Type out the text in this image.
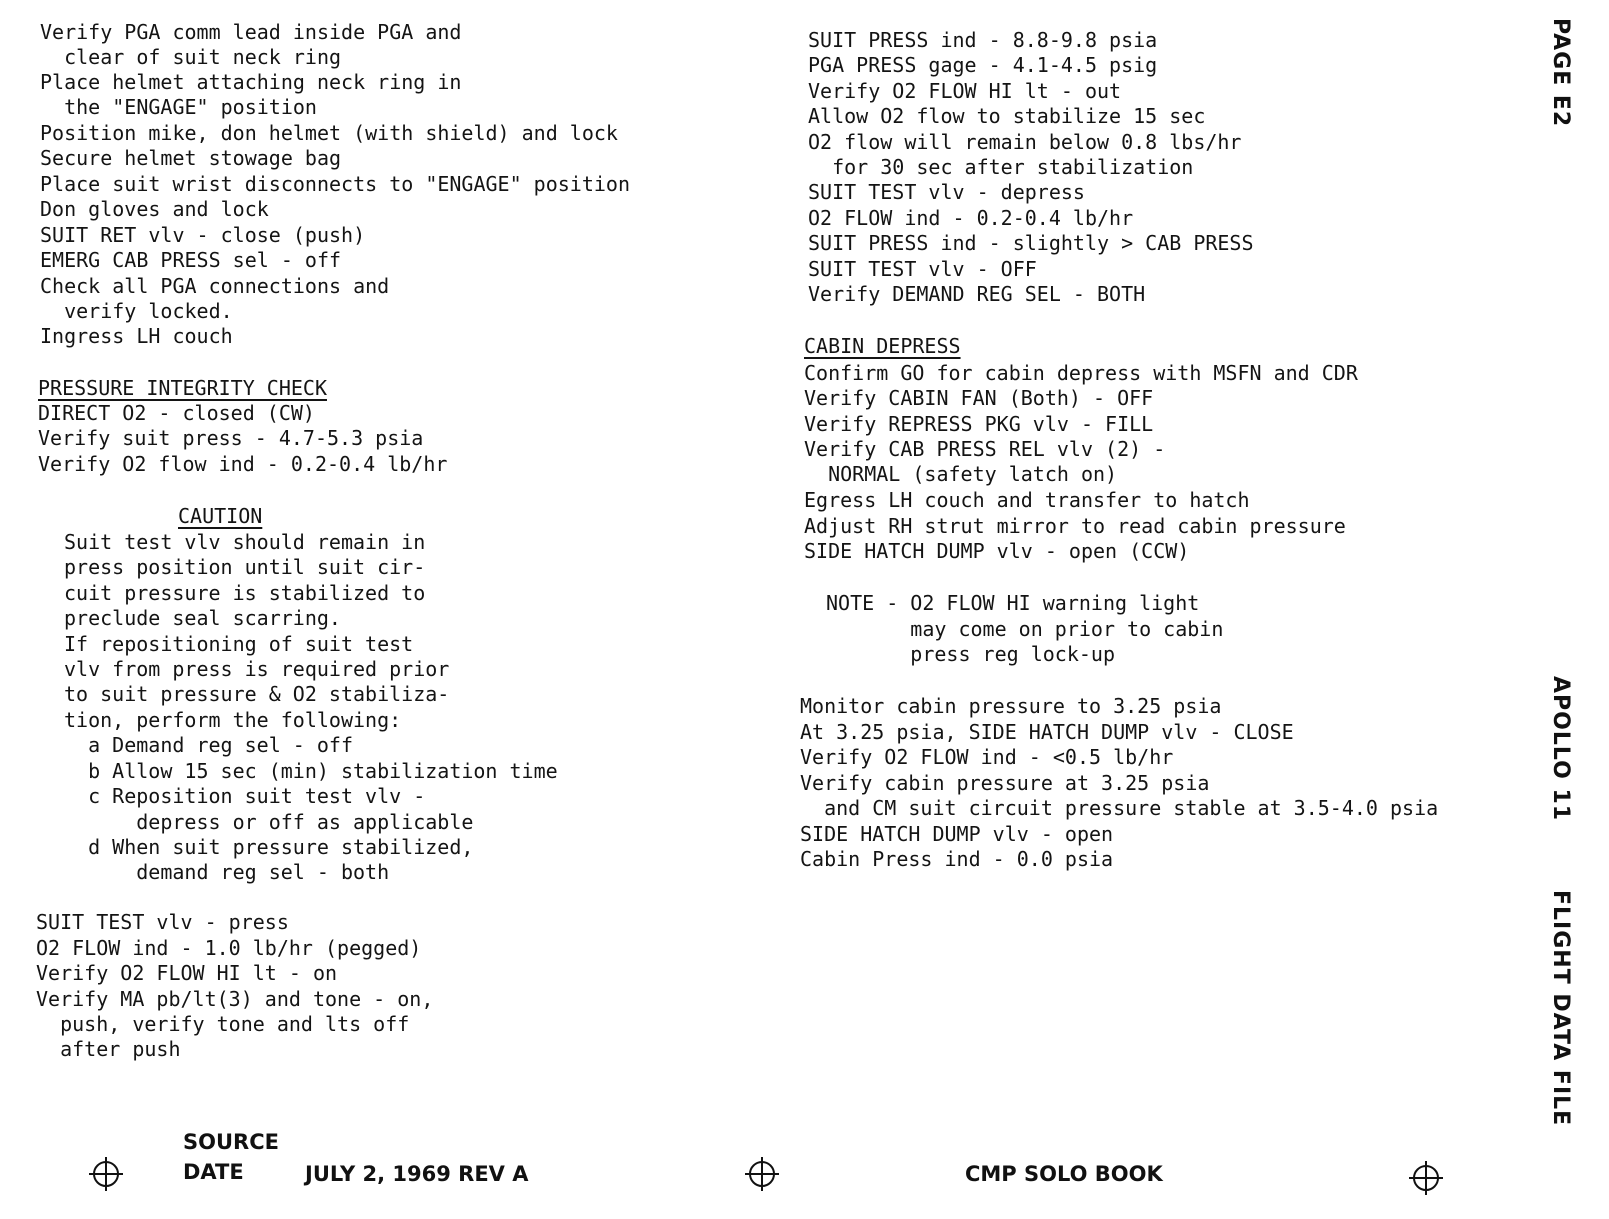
Verify PGA comm lead inside PGA and
clear of suit neck ring
Place helmet attaching neck ring in
the "ENGAGE" position
Position mike, don helmet (with shield) and lock
Secure helmet stowage bag
Place suit wrist disconnects to "ENGAGE" position
Don gloves and lock
SUIT RET vlv - close (push)
EMERG CAB PRESS sel - off
Check all PGA connections and
verify locked.
Ingress LH couch
PRESSURE INTEGRITY CHECK
DIRECT O2 - closed (CW)
Verify suit press - 4.7-5.3 psia
Verify O2 flow ind - 0.2-0.4 lb/hr
CAUTION
Suit test vlv should remain in
press position until suit cir-
cuit pressure is stabilized to
preclude seal scarring.
If repositioning of suit test
vlv from press is required prior
to suit pressure & O2 stabiliza-
tion, perform the following:
a Demand reg sel - off
b Allow 15 sec (min) stabilization time
c Reposition suit test vlv -
depress or off as applicable
d When suit pressure stabilized,
demand reg sel - both
SUIT TEST vlv - press
O2 FLOW ind - 1.0 lb/hr (pegged)
Verify O2 FLOW HI lt - on
Verify MA pb/lt(3) and tone - on,
push, verify tone and lts off
after push
SUIT PRESS ind - 8.8-9.8 psia
PGA PRESS gage - 4.1-4.5 psig
Verify O2 FLOW HI lt - out
Allow O2 flow to stabilize 15 sec
O2 flow will remain below 0.8 lbs/hr
for 30 sec after stabilization
SUIT TEST vlv - depress
O2 FLOW ind - 0.2-0.4 lb/hr
SUIT PRESS ind - slightly > CAB PRESS
SUIT TEST vlv - OFF
Verify DEMAND REG SEL - BOTH
CABIN DEPRESS
Confirm GO for cabin depress with MSFN and CDR
Verify CABIN FAN (Both) - OFF
Verify REPRESS PKG vlv - FILL
Verify CAB PRESS REL vlv (2) -
NORMAL (safety latch on)
Egress LH couch and transfer to hatch
Adjust RH strut mirror to read cabin pressure
SIDE HATCH DUMP vlv - open (CCW)
NOTE - O2 FLOW HI warning light
may come on prior to cabin
press reg lock-up
Monitor cabin pressure to 3.25 psia
At 3.25 psia, SIDE HATCH DUMP vlv - CLOSE
Verify O2 FLOW ind - <0.5 lb/hr
Verify cabin pressure at 3.25 psia
and CM suit circuit pressure stable at 3.5-4.0 psia
SIDE HATCH DUMP vlv - open
Cabin Press ind - 0.0 psia
PAGE E2
APOLLO 11
FLIGHT DATA FILE
SOURCE
DATE	JULY 2, 1969 REV A	CMP SOLO BOOK
